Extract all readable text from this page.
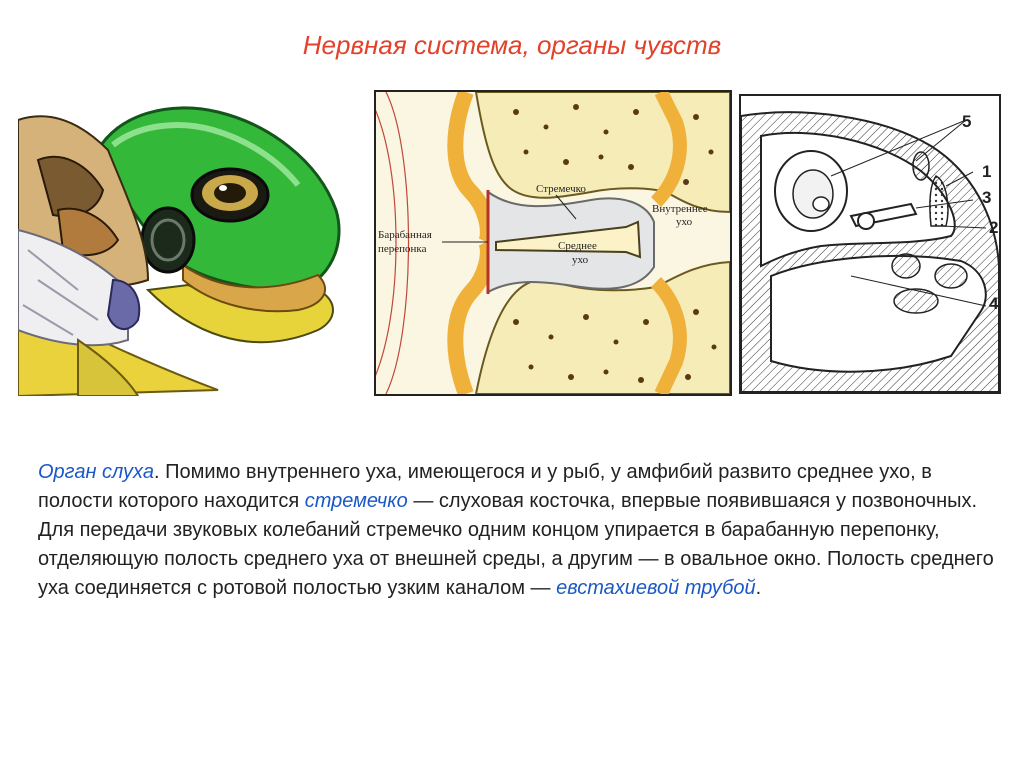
Нервная система, органы чувств
Стремечко
Внутреннее
ухо
Барабанная
перепонка	Среднее
ухо
5
1
3
2
4
Орган слуха. Помимо внутреннего уха, имеющегося и у рыб, у амфибий развито среднее ухо, в полости которого находится стремечко — слуховая косточка, впервые появившаяся у позвоночных. Для передачи звуковых колебаний стремечко одним концом упирается в барабанную перепонку, отделяющую полость среднего уха от внешней среды, а другим — в овальное окно. Полость среднего уха соединяется с ротовой полостью узким каналом — евстахиевой трубой.
